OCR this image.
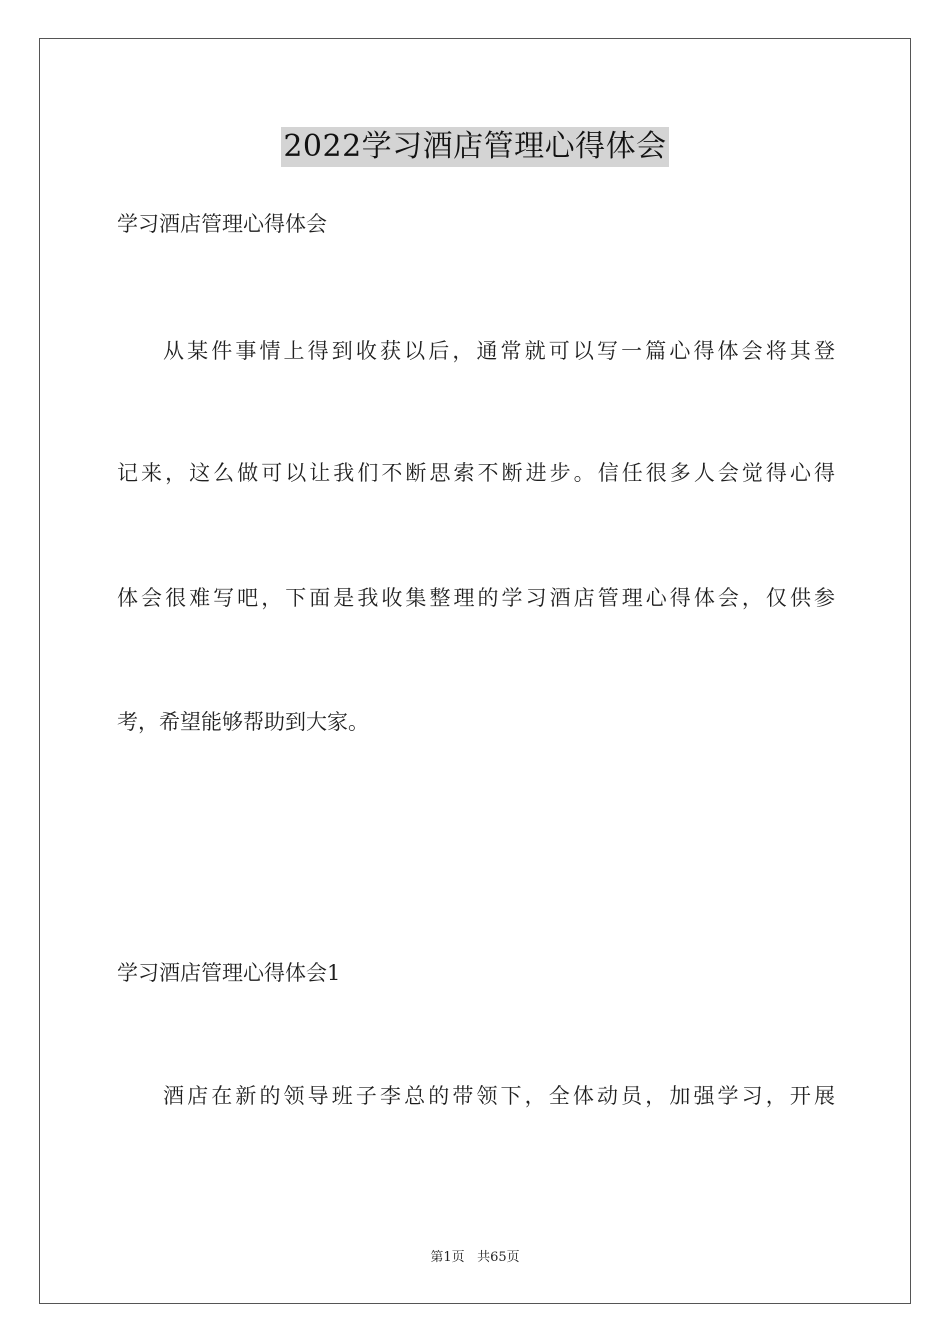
2022学习酒店管理心得体会
学习酒店管理心得体会
从某件事情上得到收获以后，通常就可以写一篇心得体会将其登
记来，这么做可以让我们不断思索不断进步。信任很多人会觉得心得
体会很难写吧，下面是我收集整理的学习酒店管理心得体会，仅供参
考，希望能够帮助到大家。
学习酒店管理心得体会1
酒店在新的领导班子李总的带领下，全体动员，加强学习，开展
第1页 共65页
